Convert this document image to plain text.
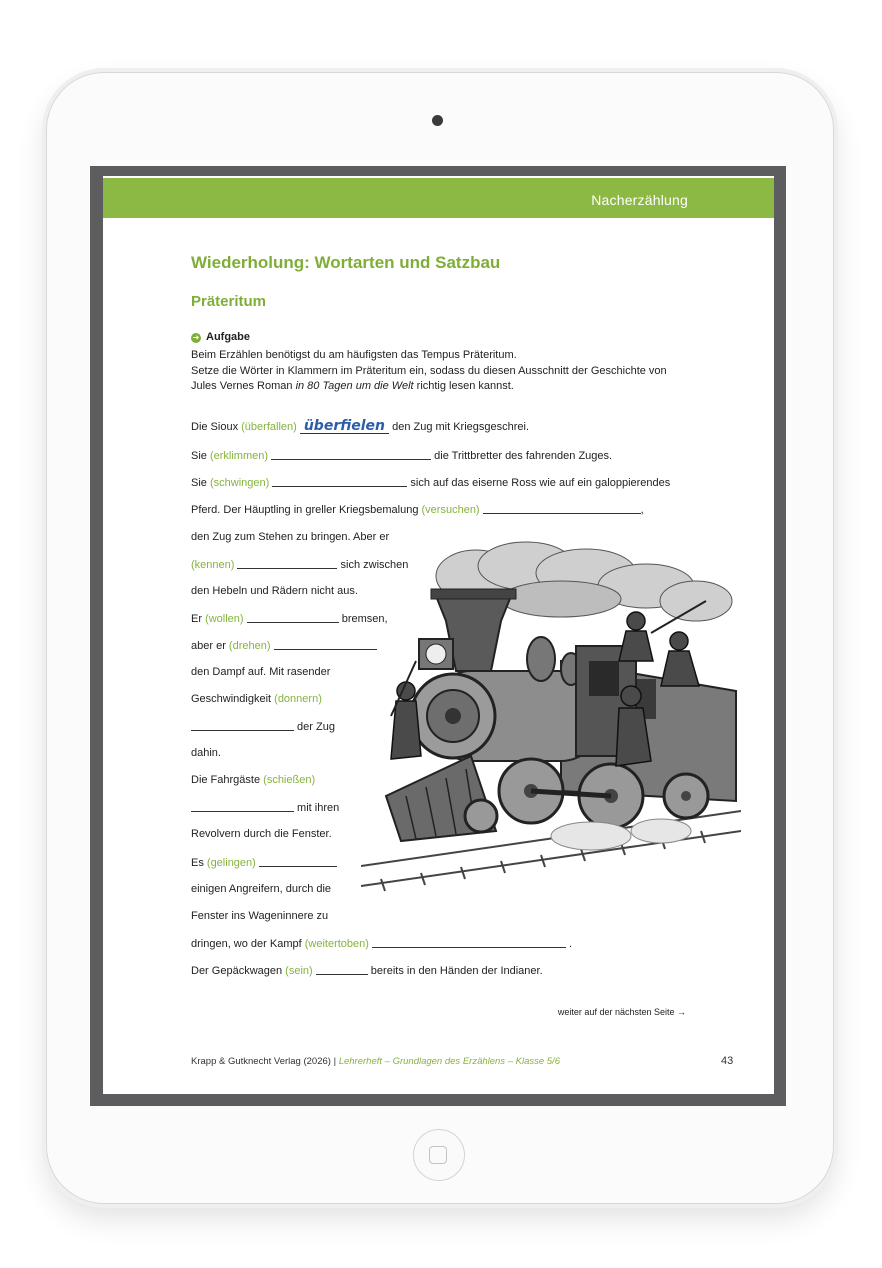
Nacherzählung
Wiederholung: Wortarten und Satzbau
Präteritum
➜ Aufgabe
Beim Erzählen benötigst du am häufigsten das Tempus Präteritum.
Setze die Wörter in Klammern im Präteritum ein, sodass du diesen Ausschnitt der Geschichte von
Jules Vernes Roman in 80 Tagen um die Welt richtig lesen kannst.
Die Sioux (überfallen) überfielen den Zug mit Kriegsgeschrei.
Sie (erklimmen)	die Trittbretter des fahrenden Zuges.
Sie (schwingen)	sich auf das eiserne Ross wie auf ein galoppierendes
Pferd. Der Häuptling in greller Kriegsbemalung (versuchen)	,
den Zug zum Stehen zu bringen. Aber er
(kennen)	sich zwischen
den Hebeln und Rädern nicht aus.
Er (wollen)	bremsen,
aber er (drehen)
den Dampf auf. Mit rasender
Geschwindigkeit (donnern)
der Zug
dahin.
Die Fahrgäste (schießen)
mit ihren
Revolvern durch die Fenster.
Es (gelingen)
einigen Angreifern, durch die
Fenster ins Wageninnere zu
dringen, wo der Kampf (weitertoben)	.
Der Gepäckwagen (sein)	bereits in den Händen der Indianer.
weiter auf der nächsten Seite →
Krapp & Gutknecht Verlag (2026) | Lehrerheft – Grundlagen des Erzählens – Klasse 5/6	43
